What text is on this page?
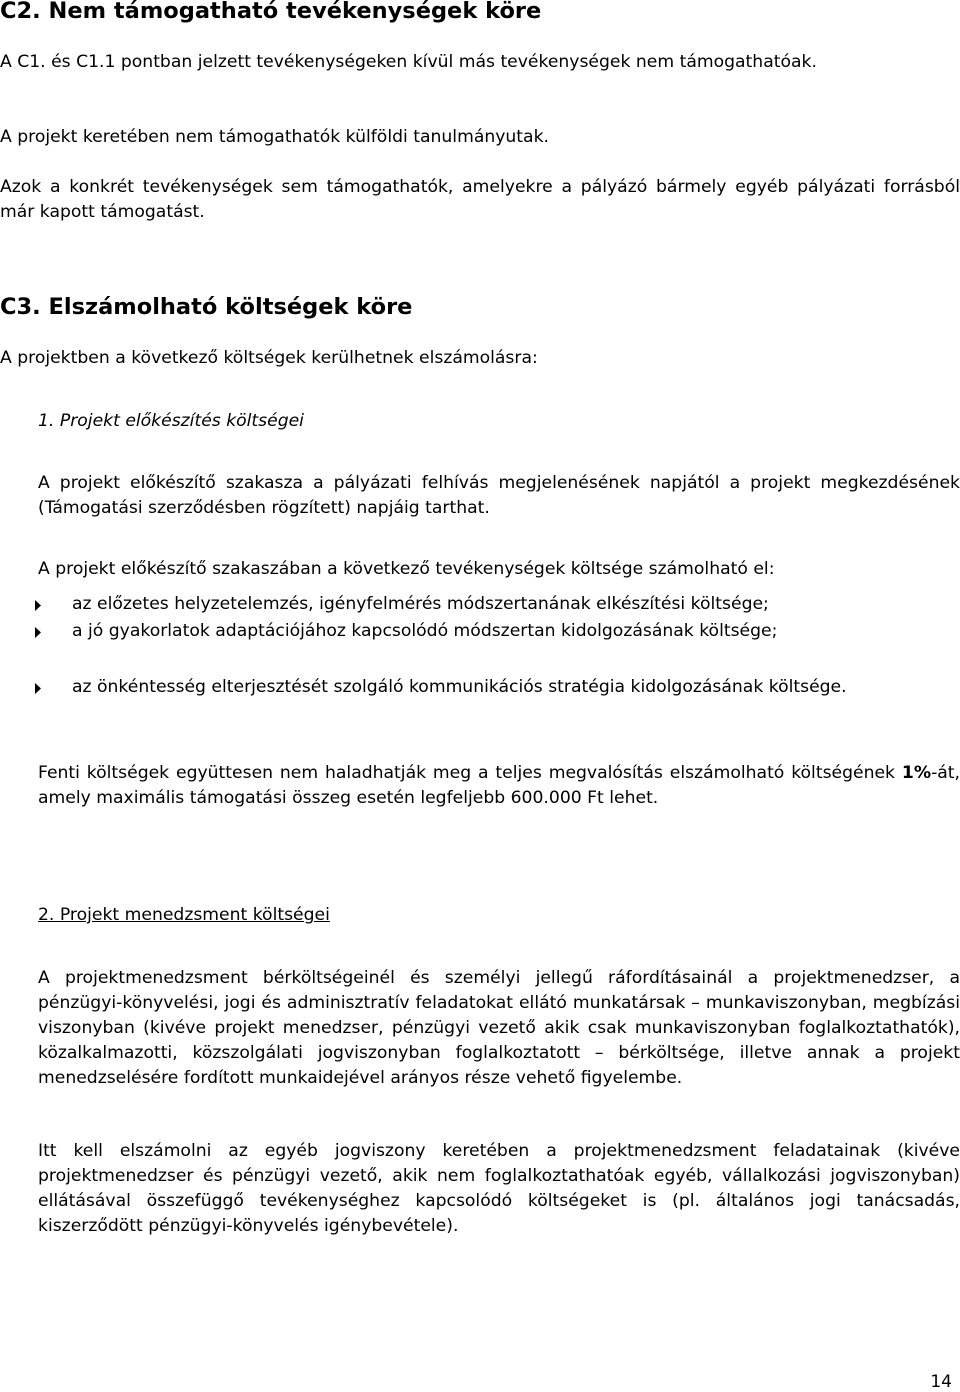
C2. Nem támogatható tevékenységek köre

A C1. és C1.1 pontban jelzett tevékenységeken kívül más tevékenységek nem támogathatóak.

A projekt keretében nem támogathatók külföldi tanulmányutak.

Azok a konkrét tevékenységek sem támogathatók, amelyekre a pályázó bármely egyéb pályázati forrásból már kapott támogatást.

C3. Elszámolható költségek köre

A projektben a következő költségek kerülhetnek elszámolásra:

1. Projekt előkészítés költségei

A projekt előkészítő szakasza a pályázati felhívás megjelenésének napjától a projekt megkezdésének (Támogatási szerződésben rögzített) napjáig tarthat.

A projekt előkészítő szakaszában a következő tevékenységek költsége számolható el:

az előzetes helyzetelemzés, igényfelmérés módszertanának elkészítési költsége;

a jó gyakorlatok adaptációjához kapcsolódó módszertan kidolgozásának költsége;

az önkéntesség elterjesztését szolgáló kommunikációs stratégia kidolgozásának költsége.

Fenti költségek együttesen nem haladhatják meg a teljes megvalósítás elszámolható költségének 1%-át, amely maximális támogatási összeg esetén legfeljebb 600.000 Ft lehet.

2. Projekt menedzsment költségei

A projektmenedzsment bérköltségeinél és személyi jellegű ráfordításainál a projektmenedzser, a pénzügyi-könyvelési, jogi és adminisztratív feladatokat ellátó munkatársak – munkaviszonyban, megbízási viszonyban (kivéve projekt menedzser, pénzügyi vezető akik csak munkaviszonyban foglalkoztathatók), közalkalmazotti, közszolgálati jogviszonyban foglalkoztatott – bérköltsége, illetve annak a projekt menedzselésére fordított munkaidejével arányos része vehető figyelembe.

Itt kell elszámolni az egyéb jogviszony keretében a projektmenedzsment feladatainak (kivéve projektmenedzser és pénzügyi vezető, akik nem foglalkoztathatóak egyéb, vállalkozási jogviszonyban) ellátásával összefüggő tevékenységhez kapcsolódó költségeket is (pl. általános jogi tanácsadás, kiszerződött pénzügyi-könyvelés igénybevétele).

14
